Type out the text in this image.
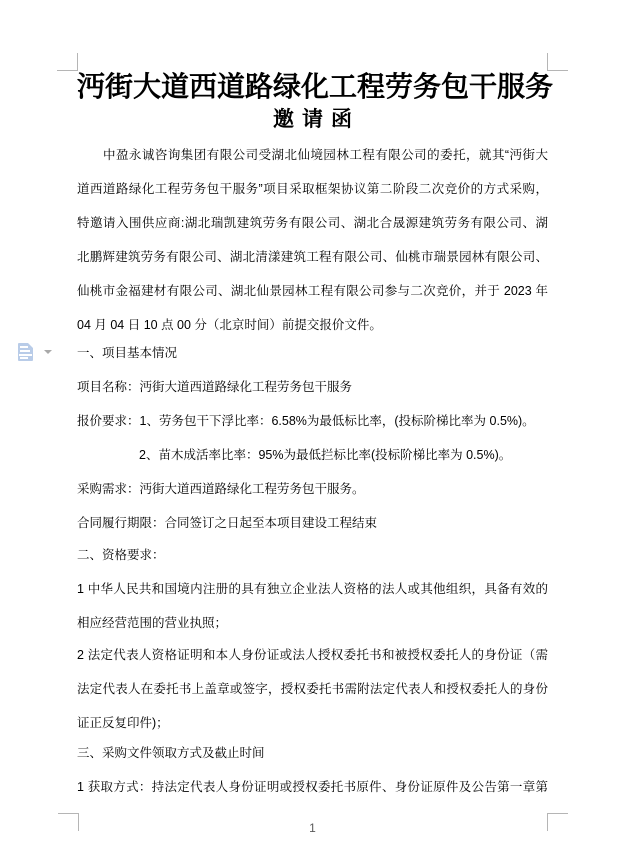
沔街大道西道路绿化工程劳务包干服务
邀请函
中盈永诚咨询集团有限公司受湖北仙境园林工程有限公司的委托，就其“沔街大
道西道路绿化工程劳务包干服务”项目采取框架协议第二阶段二次竞价的方式采购，
特邀请入围供应商:湖北瑞凯建筑劳务有限公司、湖北合晟源建筑劳务有限公司、湖
北鹏辉建筑劳务有限公司、湖北清漾建筑工程有限公司、仙桃市瑞景园林有限公司、
仙桃市金福建材有限公司、湖北仙景园林工程有限公司参与二次竞价，并于 2023 年
04 月 04 日 10 点 00 分（北京时间）前提交报价文件。
一、项目基本情况
项目名称：沔街大道西道路绿化工程劳务包干服务
报价要求：1、劳务包干下浮比率：6.58%为最低标比率，(投标阶梯比率为 0.5%)。
2、苗木成活率比率：95%为最低拦标比率(投标阶梯比率为 0.5%)。
采购需求：沔街大道西道路绿化工程劳务包干服务。
合同履行期限：合同签订之日起至本项目建设工程结束
二、资格要求：
1 中华人民共和国境内注册的具有独立企业法人资格的法人或其他组织，具备有效的
相应经营范围的营业执照；
2 法定代表人资格证明和本人身份证或法人授权委托书和被授权委托人的身份证（需
法定代表人在委托书上盖章或签字，授权委托书需附法定代表人和授权委托人的身份
证正反复印件)；
三、采购文件领取方式及截止时间
1 获取方式：持法定代表人身份证明或授权委托书原件、身份证原件及公告第一章第
1
